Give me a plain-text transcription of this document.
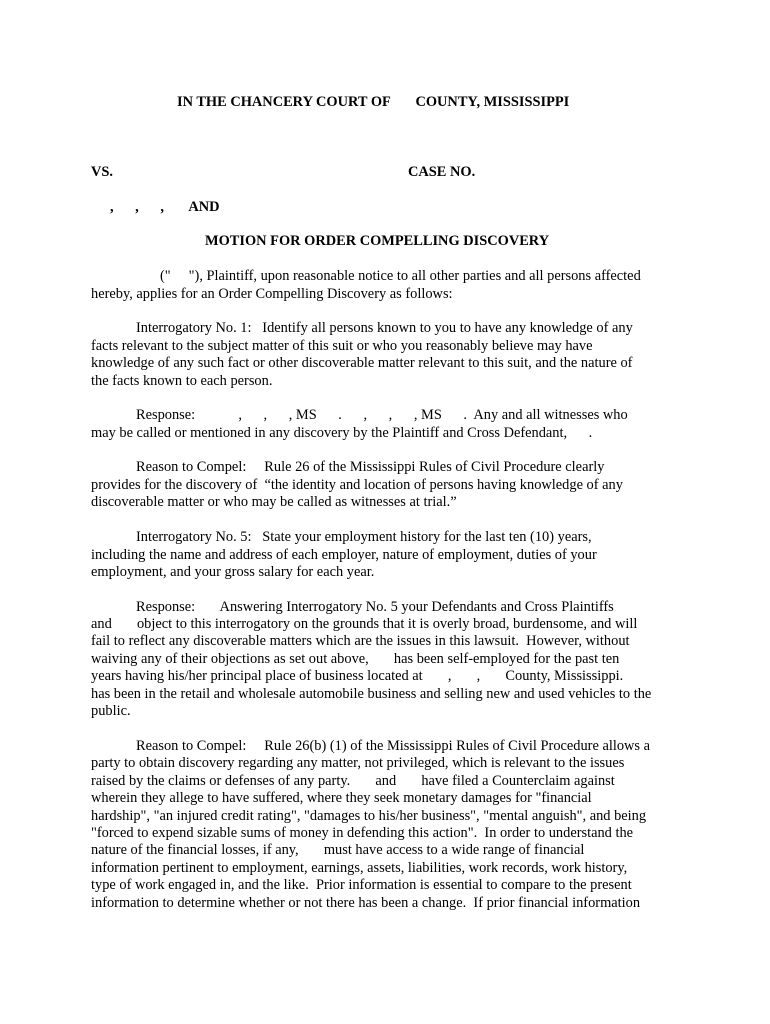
IN THE CHANCERY COURT OF       COUNTY, MISSISSIPPI
VS.	CASE NO.
,      ,      ,       AND
MOTION FOR ORDER COMPELLING DISCOVERY
("     "), Plaintiff, upon reasonable notice to all other parties and all persons affected
hereby, applies for an Order Compelling Discovery as follows:
Interrogatory No. 1:   Identify all persons known to you to have any knowledge of any
facts relevant to the subject matter of this suit or who you reasonably believe may have
knowledge of any such fact or other discoverable matter relevant to this suit, and the nature of
the facts known to each person.
Response:            ,      ,      , MS      .      ,      ,      , MS      .  Any and all witnesses who
may be called or mentioned in any discovery by the Plaintiff and Cross Defendant,      .
Reason to Compel:     Rule 26 of the Mississippi Rules of Civil Procedure clearly
provides for the discovery of  “the identity and location of persons having knowledge of any
discoverable matter or who may be called as witnesses at trial.”
Interrogatory No. 5:   State your employment history for the last ten (10) years,
including the name and address of each employer, nature of employment, duties of your
employment, and your gross salary for each year.
Response:       Answering Interrogatory No. 5 your Defendants and Cross Plaintiffs
and       object to this interrogatory on the grounds that it is overly broad, burdensome, and will
fail to reflect any discoverable matters which are the issues in this lawsuit.  However, without
waiving any of their objections as set out above,       has been self-employed for the past ten
years having his/her principal place of business located at       ,       ,       County, Mississippi.
has been in the retail and wholesale automobile business and selling new and used vehicles to the
public.
Reason to Compel:     Rule 26(b) (1) of the Mississippi Rules of Civil Procedure allows a
party to obtain discovery regarding any matter, not privileged, which is relevant to the issues
raised by the claims or defenses of any party.       and       have filed a Counterclaim against
wherein they allege to have suffered, where they seek monetary damages for "financial
hardship", "an injured credit rating", "damages to his/her business", "mental anguish", and being
"forced to expend sizable sums of money in defending this action".  In order to understand the
nature of the financial losses, if any,       must have access to a wide range of financial
information pertinent to employment, earnings, assets, liabilities, work records, work history,
type of work engaged in, and the like.  Prior information is essential to compare to the present
information to determine whether or not there has been a change.  If prior financial information
